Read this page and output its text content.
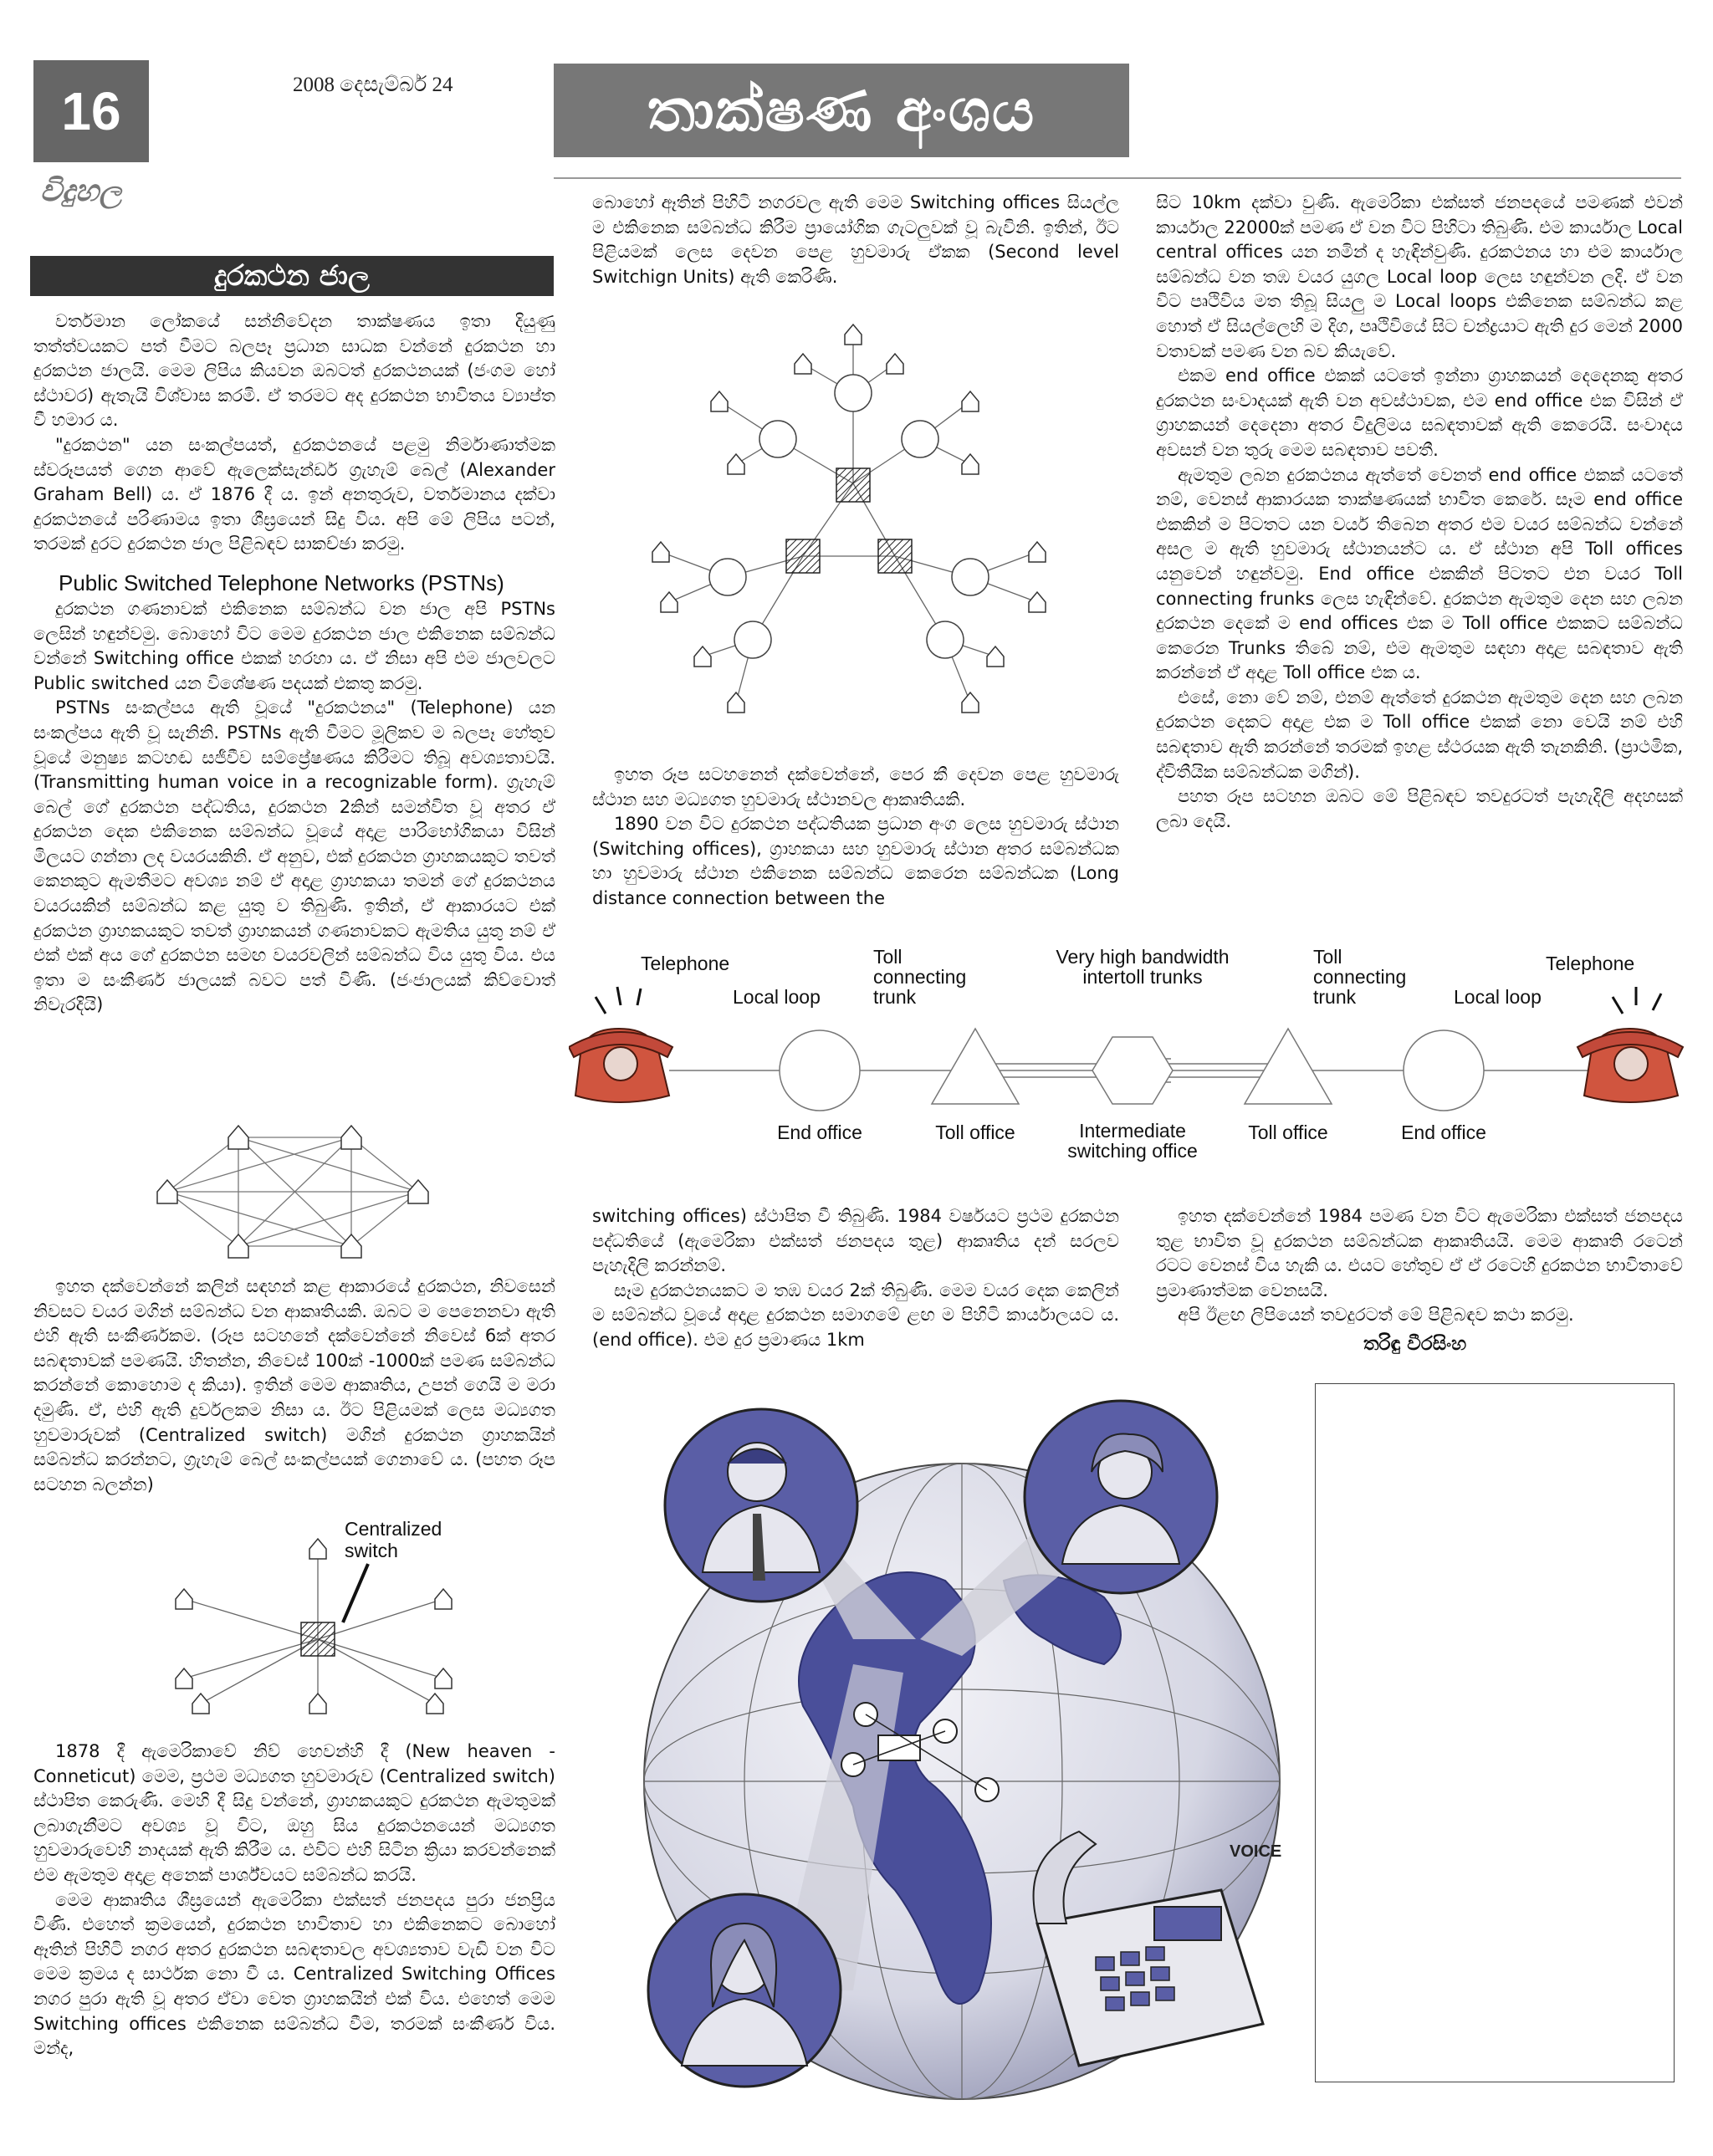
16	2008 දෙසැම්බර් 24	තාක්ෂණ අංශය
විදුහල
දුරකථන ජාල

වර්තමාන ලෝකයේ සන්නිවේදන තාක්ෂණය ඉතා දියුණු තත්ත්වයකට පත් වීමට බලපෑ ප්‍රධාන සාධක වන්නේ දුරකථන හා දුරකථන ජාලයි. මෙම ලිපිය කියවන ඔබටත් දුරකථනයක් (ජංගම හෝ ස්ථාවර) ඇතැයි විශ්වාස කරමි. ඒ තරමට අද දුරකථන භාවිතය ව්‍යාප්ත වී හමාර ය.

"දුරකථන" යන සංකල්පයත්, දුරකථනයේ පළමු නිර්මාණාත්මක ස්වරූපයත් ගෙන ආවේ ඇලෙක්සැන්ඩර් ග්‍රැහැම් බෙල් (Alexander Graham Bell) ය. ඒ 1876 දී ය. ඉන් අනතුරුව, වර්තමානය දක්වා දුරකථනයේ පරිණාමය ඉතා ශීඝ්‍රයෙන් සිදු විය. අපි මේ ලිපිය පටන්, තරමක් දුරට දුරකථන ජාල පිළිබඳව සාකච්ඡා කරමු.

Public Switched Telephone Networks (PSTNs)

දුරකථන ගණනාවක් එකිනෙක සම්බන්ධ වන ජාල අපි PSTNs ලෙසින් හඳුන්වමු. බොහෝ විට මෙම දුරකථන ජාල එකිනෙක සම්බන්ධ වන්නේ Switching office එකක් හරහා ය. ඒ නිසා අපි එම ජාලවලට Public switched යන විශේෂණ පදයක් එකතු කරමු.

PSTNs සංකල්පය ඇති වූයේ "දුරකථනය" (Telephone) යන සංකල්පය ඇති වූ සැනිනි. PSTNs ඇති වීමට මූලිකව ම බලපෑ හේතුව වූයේ මනුෂ්‍ය කටහඬ සජීවීව සම්ප්‍රේෂණය කිරීමට තිබූ අවශ්‍යතාවයි. (Transmitting human voice in a recognizable form). ග්‍රැහැම් බෙල් ගේ දුරකථන පද්ධතිය, දුරකථන 2කින් සමන්විත වූ අතර ඒ දුරකථන දෙක එකිනෙක සම්බන්ධ වූයේ අදාළ පාරිභෝගිකයා විසින් මිලයට ගන්නා ලද වයරයකිනි. ඒ අනුව, එක් දුරකථන ග්‍රාහකයකුට තවත් කෙනකුට ඇමතීමට අවශ්‍ය නම් ඒ අදාළ ග්‍රාහකයා තමන් ගේ දුරකථනය වයරයකින් සම්බන්ධ කළ යුතු ව තිබුණි. ඉතින්, ඒ ආකාරයට එක් දුරකථන ග්‍රාහකයකුට තවත් ග්‍රාහකයන් ගණනාවකට ඇමතිය යුතු නම් ඒ එක් එක් අය ගේ දුරකථන සමඟ වයරවලින් සම්බන්ධ විය යුතු විය. එය ඉතා ම සංකීර්ණ ජාලයක් බවට පත් විණි. (ජංජාලයක් කිව්වොත් නිවැරදියි)

ඉහත දක්වෙන්නේ කලින් සඳහන් කළ ආකාරයේ දුරකථන, නිවසෙන් නිවසට වයර මගින් සම්බන්ධ වන ආකෘතියකි. ඔබට ම පෙනෙනවා ඇති එහි ඇති සංකීර්ණකම. (රූප සටහනේ දක්වෙන්නේ නිවෙස් 6ක් අතර සබඳතාවක් පමණයි. හිතන්න, නිවෙස් 100ක් -1000ක් පමණ සම්බන්ධ කරන්නේ කොහොම ද කියා). ඉතින් මෙම ආකෘතිය, උපන් ගෙයි ම මරා දමුණි. ඒ, එහි ඇති දුර්වලකම නිසා ය. ඊට පිළියමක් ලෙස මධ්‍යගත හුවමාරුවක් (Centralized switch) මගින් දුරකථන ග්‍රාහකයින් සම්බන්ධ කරන්නට, ග්‍රැහැම් බෙල් සංකල්පයක් ගෙනාවේ ය. (පහත රූප සටහන බලන්න)

Centralized
switch

1878 දී ඇමෙරිකාවේ නිව් හෙවන්හි දී (New heaven - Conneticut) මෙම, ප්‍රථම මධ්‍යගත හුවමාරුව (Centralized switch) ස්ථාපිත කෙරුණි. මෙහි දී සිදු වන්නේ, ග්‍රාහකයකුට දුරකථන ඇමතුමක් ලබාගැනීමට අවශ්‍ය වූ විට, ඔහු සිය දුරකථනයෙන් මධ්‍යගත හුවමාරුවෙහි නාදයක් ඇති කිරීම ය. එවිට එහි සිටින ක්‍රියා කරවන්නෙක් එම ඇමතුම අදාළ අනෙක් පාර්ශ්වයට සම්බන්ධ කරයි.

මෙම ආකෘතිය ශීඝ්‍රයෙන් ඇමෙරිකා එක්සත් ජනපදය පුරා ජනප්‍රිය විණි. එහෙත් ක්‍රමයෙන්, දුරකථන භාවිතාව හා එකිනෙකට බොහෝ ඈතින් පිහිටි නගර අතර දුරකථන සබඳතාවල අවශ්‍යතාව වැඩි වන විට මෙම ක්‍රමය ද සාර්ථක නො වී ය. Centralized Switching Offices නගර පුරා ඇති වූ අතර ඒවා වෙත ග්‍රාහකයින් එක් විය. එහෙත් මෙම Switching offices එකිනෙක සම්බන්ධ වීම, තරමක් සංකීර්ණ විය. මන්ද,

බොහෝ ඈතින් පිහිටි නගරවල ඇති මෙම Switching offices සියල්ල ම එකිනෙක සම්බන්ධ කිරීම ප්‍රායෝගික ගැටලුවක් වූ බැවිනි. ඉතින්, ඊට පිළියමක් ලෙස දෙවන පෙළ හුවමාරු ඒකක (Second level Switchign Units) ඇති කෙරිණි.

ඉහත රූප සටහනෙන් දක්වෙන්නේ, පෙර කී දෙවන පෙළ හුවමාරු ස්ථාන සහ මධ්‍යගත හුවමාරු ස්ථානවල ආකෘතියකි.

1890 වන විට දුරකථන පද්ධතියක ප්‍රධාන අංග ලෙස හුවමාරු ස්ථාන (Switching offices), ග්‍රාහකයා සහ හුවමාරු ස්ථාන අතර සම්බන්ධක හා හුවමාරු ස්ථාන එකිනෙක සම්බන්ධ කෙරෙන සම්බන්ධක (Long distance connection between the

සිට 10km දක්වා වුණි. ඇමෙරිකා එක්සත් ජනපදයේ පමණක් එවන් කාර්යාල 22000ක් පමණ ඒ වන විට පිහිටා තිබුණි. එම කාර්යාල Local central offices යන නමින් ද හැඳින්වුණි. දුරකථනය හා එම කාර්යාල සම්බන්ධ වන තඹ වයර යුගල Local loop ලෙස හඳුන්වන ලදි. ඒ වන විට පෘථිවිය මත තිබූ සියලු ම Local loops එකිනෙක සම්බන්ධ කළ හොත් ඒ සියල්ලෙහි ම දිග, පෘථිවියේ සිට චන්ද්‍රයාට ඇති දුර මෙන් 2000 වතාවක් පමණ වන බව කියැවේ.

එකම end office එකක් යටතේ ඉන්නා ග්‍රාහකයන් දෙදෙනකු අතර දුරකථන සංවාදයක් ඇති වන අවස්ථාවක, එම end office එක විසින් ඒ ග්‍රාහකයන් දෙදෙනා අතර විදුලිමය සබඳතාවක් ඇති කෙරෙයි. සංවාදය අවසන් වන තුරු මෙම සබඳතාව පවතී.

ඇමතුම ලබන දුරකථනය ඇත්තේ වෙනත් end office එකක් යටතේ නම්, වෙනස් ආකාරයක තාක්ෂණයක් භාවිත කෙරේ. සෑම end office එකකින් ම පිටතට යන වයර් තිබෙන අතර එම වයර සම්බන්ධ වන්නේ අසල ම ඇති හුවමාරු ස්ථානයන්ට ය. ඒ ස්ථාන අපි Toll offices යනුවෙන් හඳුන්වමු. End office එකකින් පිටතට එන වයර Toll connecting frunks ලෙස හැඳින්වේ. දුරකථන ඇමතුම දෙන සහ ලබන දුරකථන දෙකේ ම end offices එක ම Toll office එකකට සම්බන්ධ කෙරෙන Trunks තිබේ නම්, එම ඇමතුම සඳහා අදාළ සබඳතාව ඇති කරන්නේ ඒ අදාළ Toll office එක ය.

එසේ, නො වේ නම්, එනම් ඇත්තේ දුරකථන ඇමතුම දෙන සහ ලබන දුරකථන දෙකට අදාළ එක ම Toll office එකක් නො වෙයි නම් එහි සබඳතාව ඇති කරන්නේ තරමක් ඉහළ ස්ථරයක ඇති තැනකිනි. (ප්‍රාථමික, ද්විතීයික සම්බන්ධක මගින්).

පහත රූප සටහන ඔබට මේ පිළිබඳව තවදුරටත් පැහැදිලි අදහසක් ලබා දෙයි.

Telephone
Local loop
Toll
connecting
trunk
Very high bandwidth
intertoll trunks
Toll
connecting
trunk
Telephone
Local loop
End office	Toll office	Intermediate
switching office
Toll office	End office

switching offices) ස්ථාපිත වී තිබුණි. 1984 වර්ෂයට ප්‍රථම දුරකථන පද්ධතියේ (ඇමෙරිකා එක්සත් ජනපදය තුළ) ආකෘතිය දන් සරලව පැහැදිලි කරන්නම්.

සෑම දුරකථනයකට ම තඹ වයර 2ක් තිබුණි. මෙම වයර දෙක කෙලින් ම සම්බන්ධ වූයේ අදාළ දුරකථන සමාගමේ ළඟ ම පිහිටි කාර්යාලයට ය. (end office). එම දුර ප්‍රමාණය 1km

ඉහත දක්වෙන්නේ 1984 පමණ වන විට ඇමෙරිකා එක්සත් ජනපදය තුළ භාවිත වූ දුරකථන සම්බන්ධක ආකෘතියයි. මෙම ආකෘති රටෙන් රටට වෙනස් විය හැකි ය. එයට හේතුව ඒ ඒ රටෙහි දුරකථන භාවිතාවේ ප්‍රමාණාත්මක වෙනසයි.

අපි ඊළඟ ලිපියෙන් තවදුරටත් මේ පිළිබඳව කථා කරමු.

තරිඳු වීරසිංහ
VOICE
